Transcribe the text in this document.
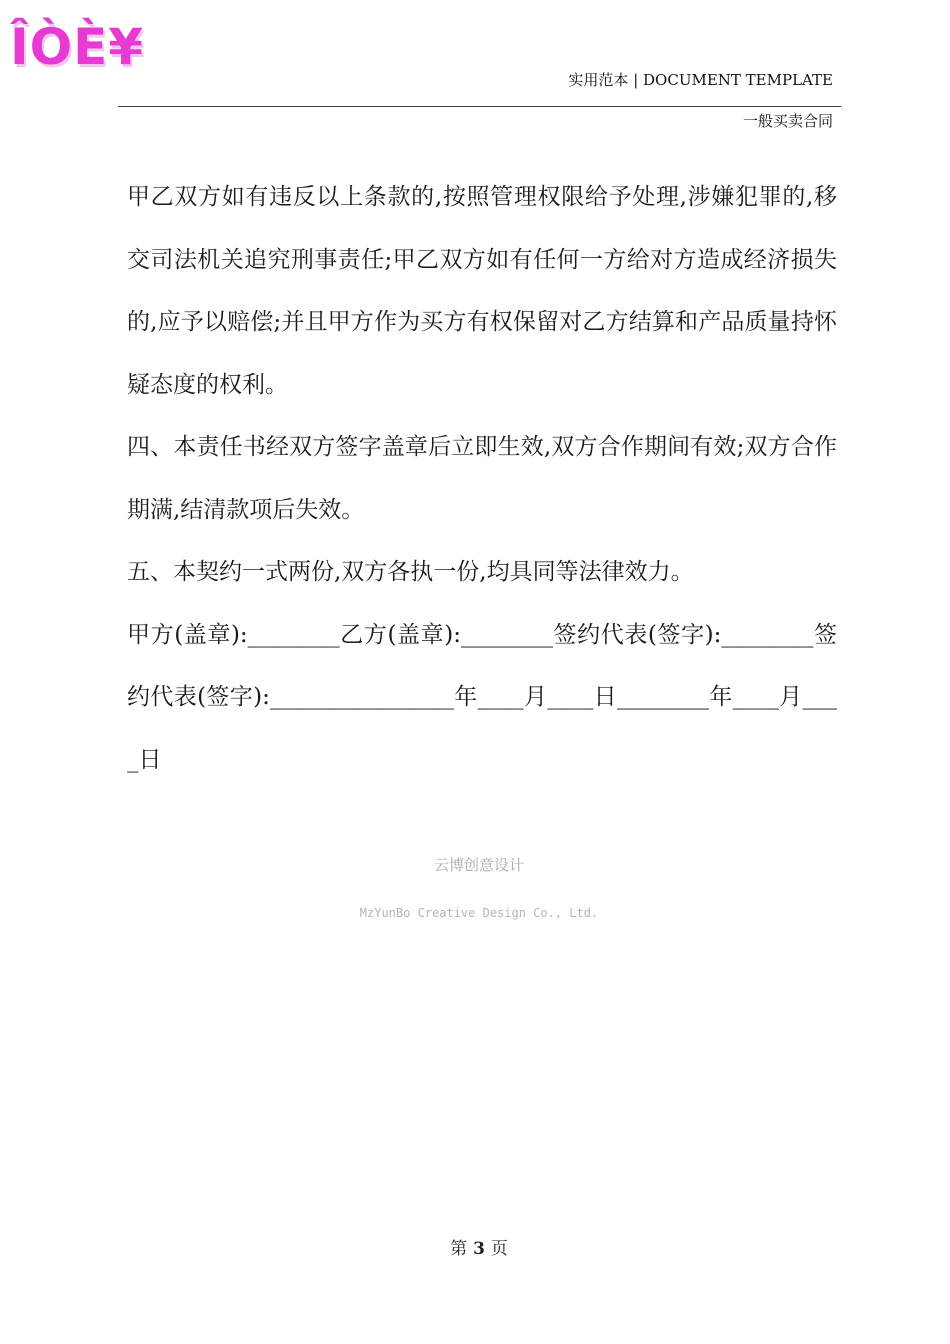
ÎÒÈ¥
实用范本 | DOCUMENT TEMPLATE
一般买卖合同

甲乙双方如有违反以上条款的,按照管理权限给予处理,涉嫌犯罪的,移交司法机关追究刑事责任;甲乙双方如有任何一方给对方造成经济损失的,应予以赔偿;并且甲方作为买方有权保留对乙方结算和产品质量持怀疑态度的权利。

四、本责任书经双方签字盖章后立即生效,双方合作期间有效;双方合作期满,结清款项后失效。

五、本契约一式两份,双方各执一份,均具同等法律效力。

甲方(盖章):________乙方(盖章):________签约代表(签字):________签约代表(签字):________________年____月____日________年____月____日

云博创意设计
MzYunBo Creative Design Co., Ltd.
第 3 页
